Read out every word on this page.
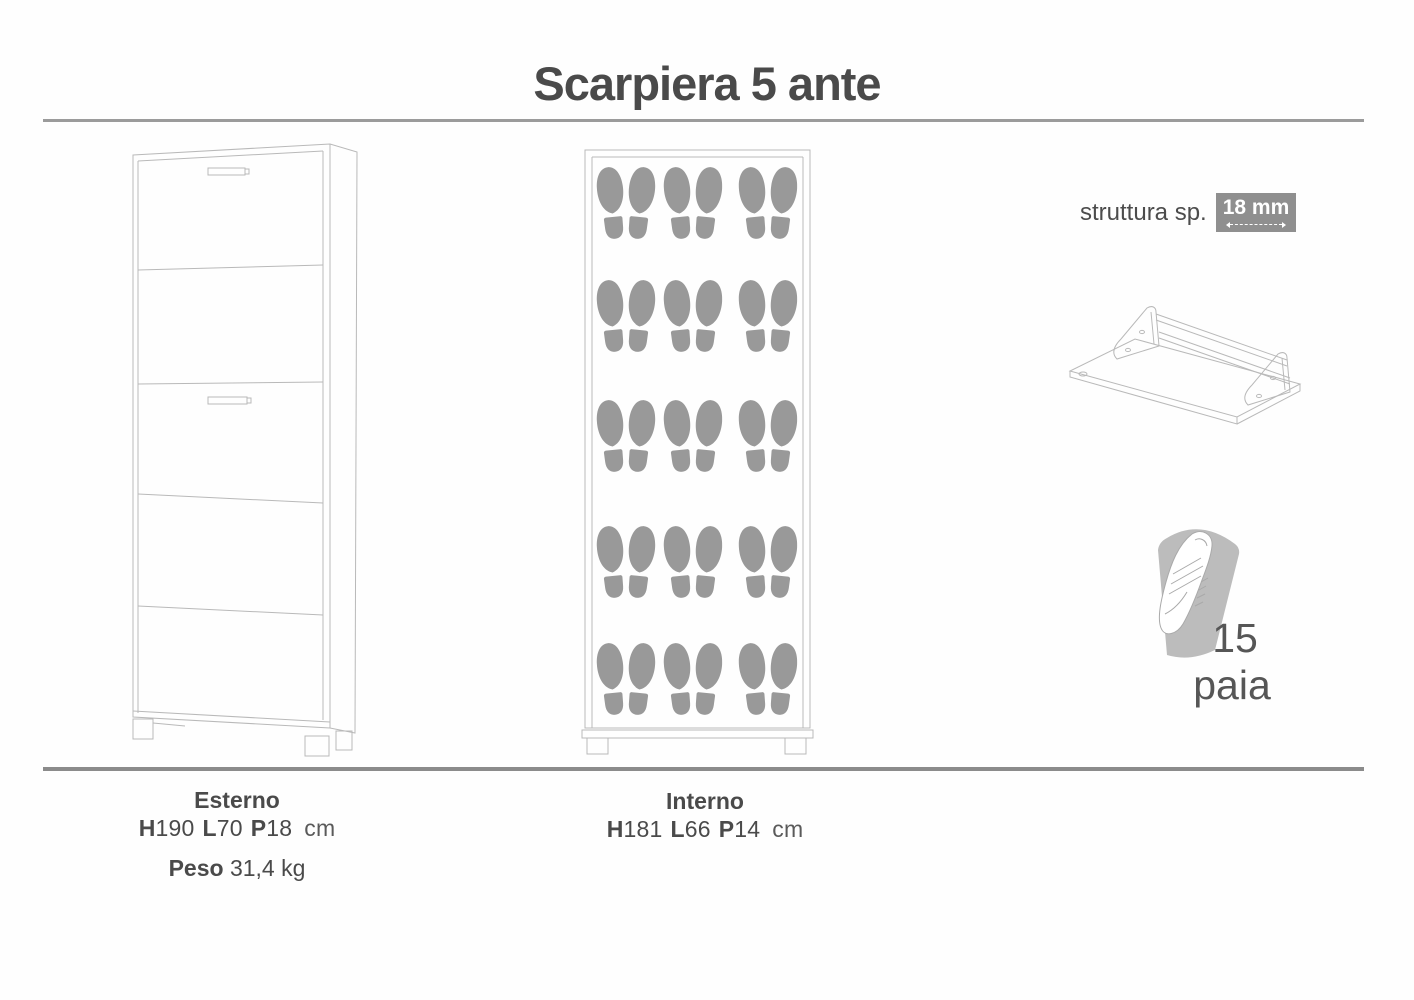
Scarpiera 5 ante
struttura sp. 18 mm
15
paia
Esterno
H190 L70 P18 cm
Peso 31,4 kg
Interno
H181 L66 P14 cm
